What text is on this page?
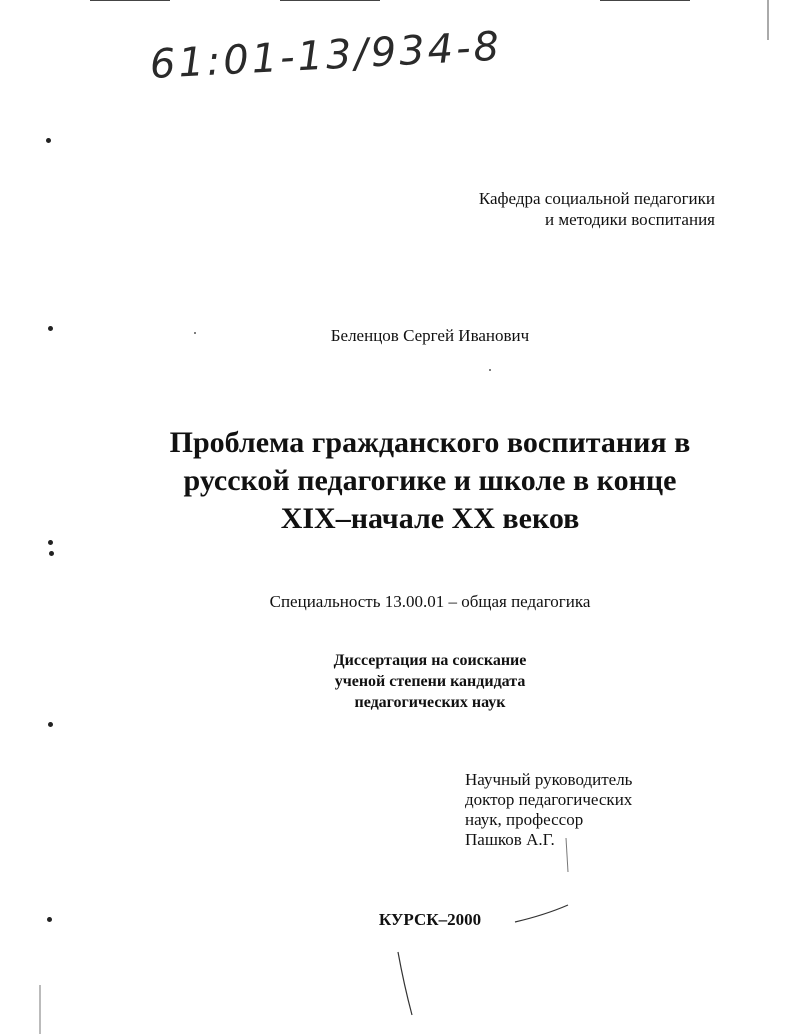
61:01-13/934-8
Кафедра социальной педагогики
и методики воспитания
Беленцов Сергей Иванович
Проблема гражданского воспитания в
русской педагогике и школе в конце
XIX–начале XX веков
Специальность 13.00.01 – общая педагогика
Диссертация на соискание
ученой степени кандидата
педагогических наук
Научный руководитель
доктор педагогических
наук, профессор
Пашков А.Г.
КУРСК–2000
